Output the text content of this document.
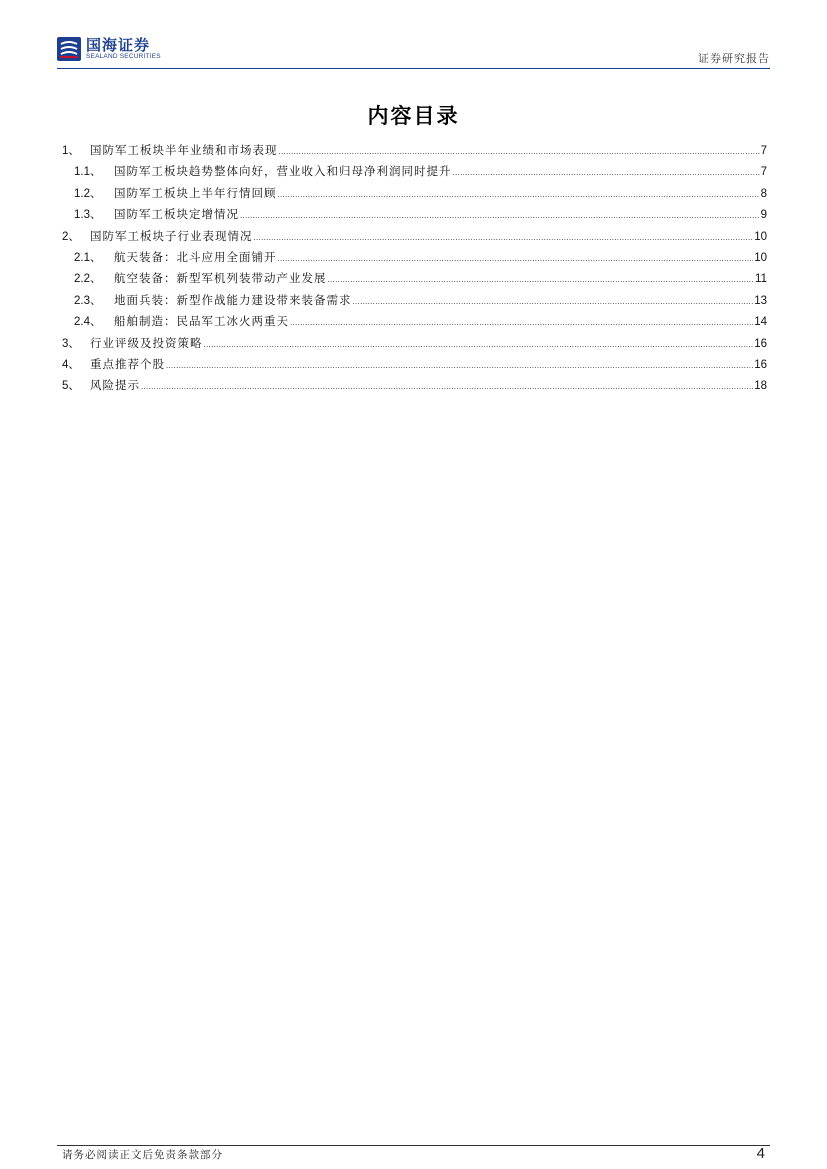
国海证券
SEALAND SECURITIES	证券研究报告
内容目录
1、 国防军工板块半年业绩和市场表现 .....	7
1.1、	国防军工板块趋势整体向好，营业收入和归母净利润同时提升 .....	7
1.2、	国防军工板块上半年行情回顾 .....	8
1.3、	国防军工板块定增情况 .....	9
2、 国防军工板块子行业表现情况 .....	10
2.1、	航天装备：北斗应用全面铺开 .....	10
2.2、	航空装备：新型军机列装带动产业发展 .....	11
2.3、	地面兵装：新型作战能力建设带来装备需求 .....	13
2.4、	船舶制造：民品军工冰火两重天 .....	14
3、 行业评级及投资策略 .....	16
4、 重点推荐个股 .....	16
5、 风险提示 .....	18
请务必阅读正文后免责条款部分	4
